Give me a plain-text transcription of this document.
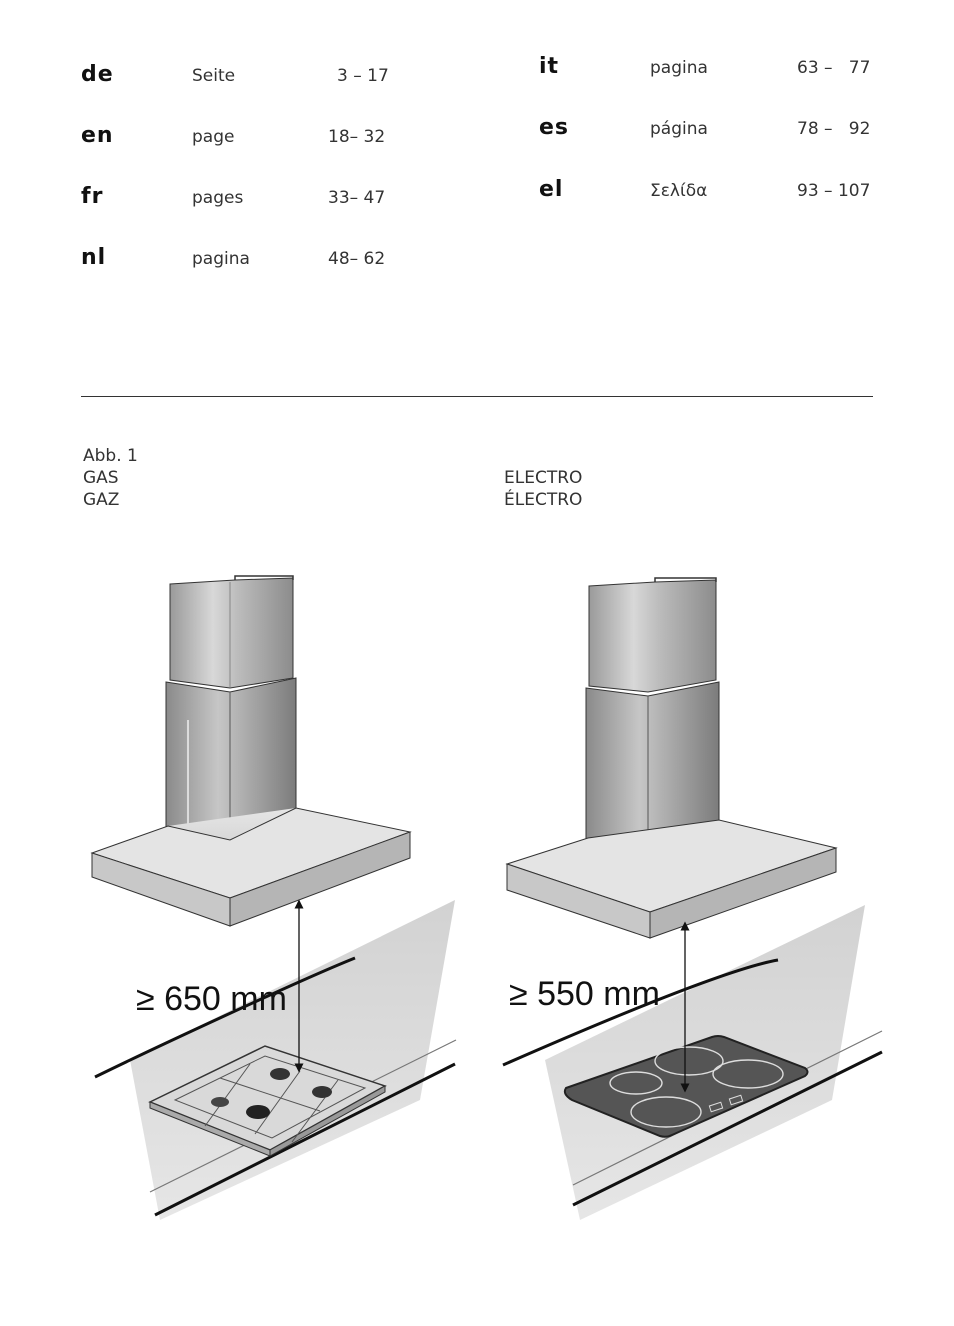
de	Seite	3 – 17
en	page	18– 32
fr	pages	33– 47
nl	pagina	48– 62
it	pagina	63 –   77
es	página	78 –   92
el	Σελίδα	93 – 107
Abb. 1
GAS
GAZ
ELECTRO
ÉLECTRO
≥ 650 mm	≥ 550 mm
